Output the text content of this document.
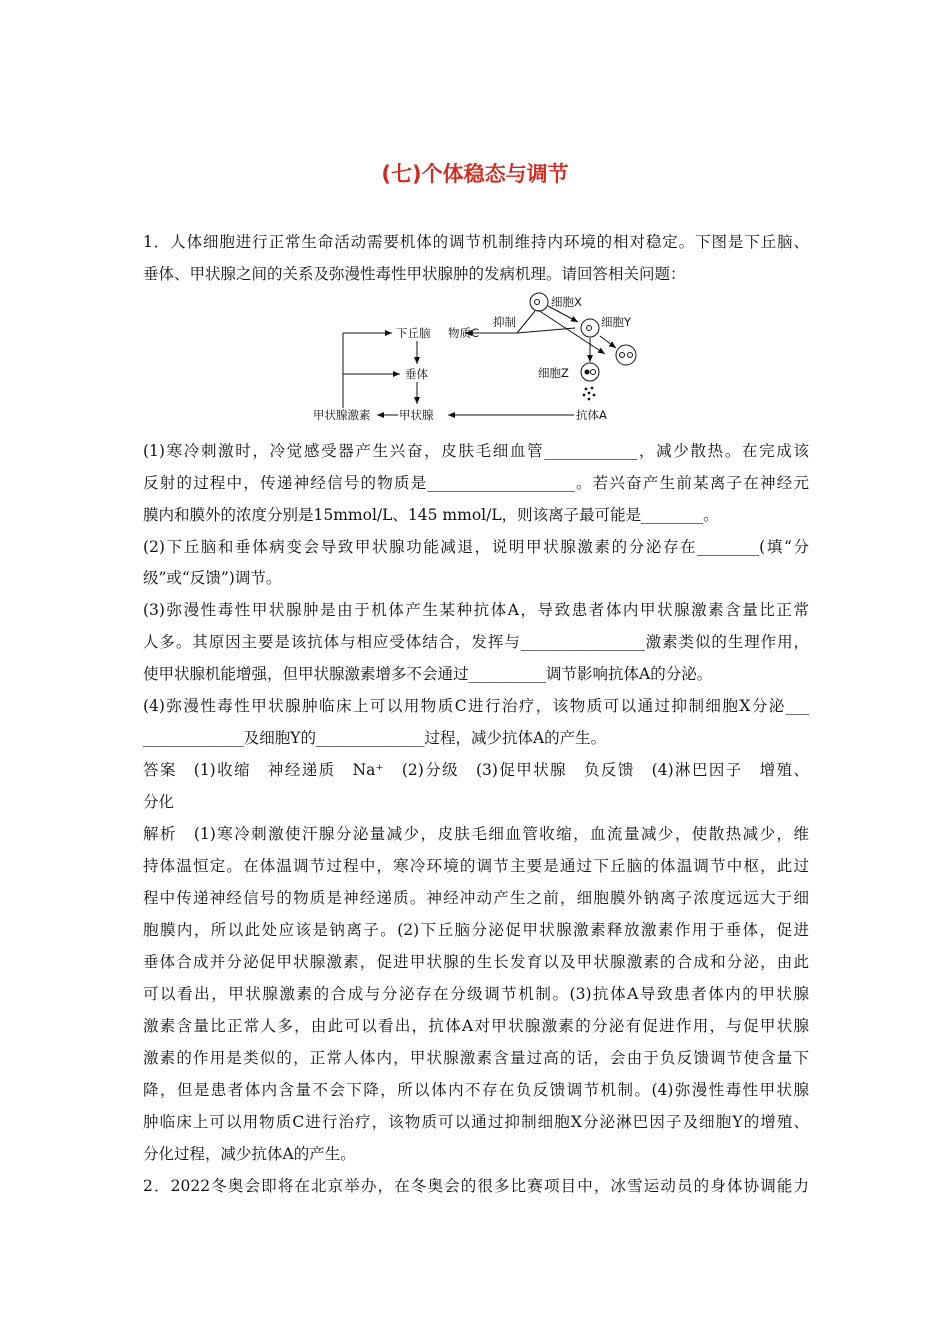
(七)个体稳态与调节
1．人体细胞进行正常生命活动需要机体的调节机制维持内环境的相对稳定。下图是下丘脑、
垂体、甲状腺之间的关系及弥漫性毒性甲状腺肿的发病机理。请回答相关问题：
下丘脑
垂体
甲状腺
甲状腺激素
物质C
抑制
细胞X
细胞Y
细胞Z
抗体A
(1)寒冷刺激时，冷觉感受器产生兴奋，皮肤毛细血管____________，减少散热。在完成该
反射的过程中，传递神经信号的物质是___________________。若兴奋产生前某离子在神经元
膜内和膜外的浓度分别是15mmol/L、145 mmol/L，则该离子最可能是________。
(2)下丘脑和垂体病变会导致甲状腺功能减退，说明甲状腺激素的分泌存在________(填“分
级”或“反馈”)调节。
(3)弥漫性毒性甲状腺肿是由于机体产生某种抗体A，导致患者体内甲状腺激素含量比正常
人多。其原因主要是该抗体与相应受体结合，发挥与________________激素类似的生理作用，
使甲状腺机能增强，但甲状腺激素增多不会通过__________调节影响抗体A的分泌。
(4)弥漫性毒性甲状腺肿临床上可以用物质C进行治疗，该物质可以通过抑制细胞X分泌___
_____________及细胞Y的______________过程，减少抗体A的产生。
答案　(1)收缩　神经递质　Na⁺　(2)分级　(3)促甲状腺　负反馈　(4)淋巴因子　增殖、
分化
解析　(1)寒冷刺激使汗腺分泌量减少，皮肤毛细血管收缩，血流量减少，使散热减少，维
持体温恒定。在体温调节过程中，寒冷环境的调节主要是通过下丘脑的体温调节中枢，此过
程中传递神经信号的物质是神经递质。神经冲动产生之前，细胞膜外钠离子浓度远远大于细
胞膜内，所以此处应该是钠离子。(2)下丘脑分泌促甲状腺激素释放激素作用于垂体，促进
垂体合成并分泌促甲状腺激素，促进甲状腺的生长发育以及甲状腺激素的合成和分泌，由此
可以看出，甲状腺激素的合成与分泌存在分级调节机制。(3)抗体A导致患者体内的甲状腺
激素含量比正常人多，由此可以看出，抗体A对甲状腺激素的分泌有促进作用，与促甲状腺
激素的作用是类似的，正常人体内，甲状腺激素含量过高的话，会由于负反馈调节使含量下
降，但是患者体内含量不会下降，所以体内不存在负反馈调节机制。(4)弥漫性毒性甲状腺
肿临床上可以用物质C进行治疗，该物质可以通过抑制细胞X分泌淋巴因子及细胞Y的增殖、
分化过程，减少抗体A的产生。
2．2022冬奥会即将在北京举办，在冬奥会的很多比赛项目中，冰雪运动员的身体协调能力
